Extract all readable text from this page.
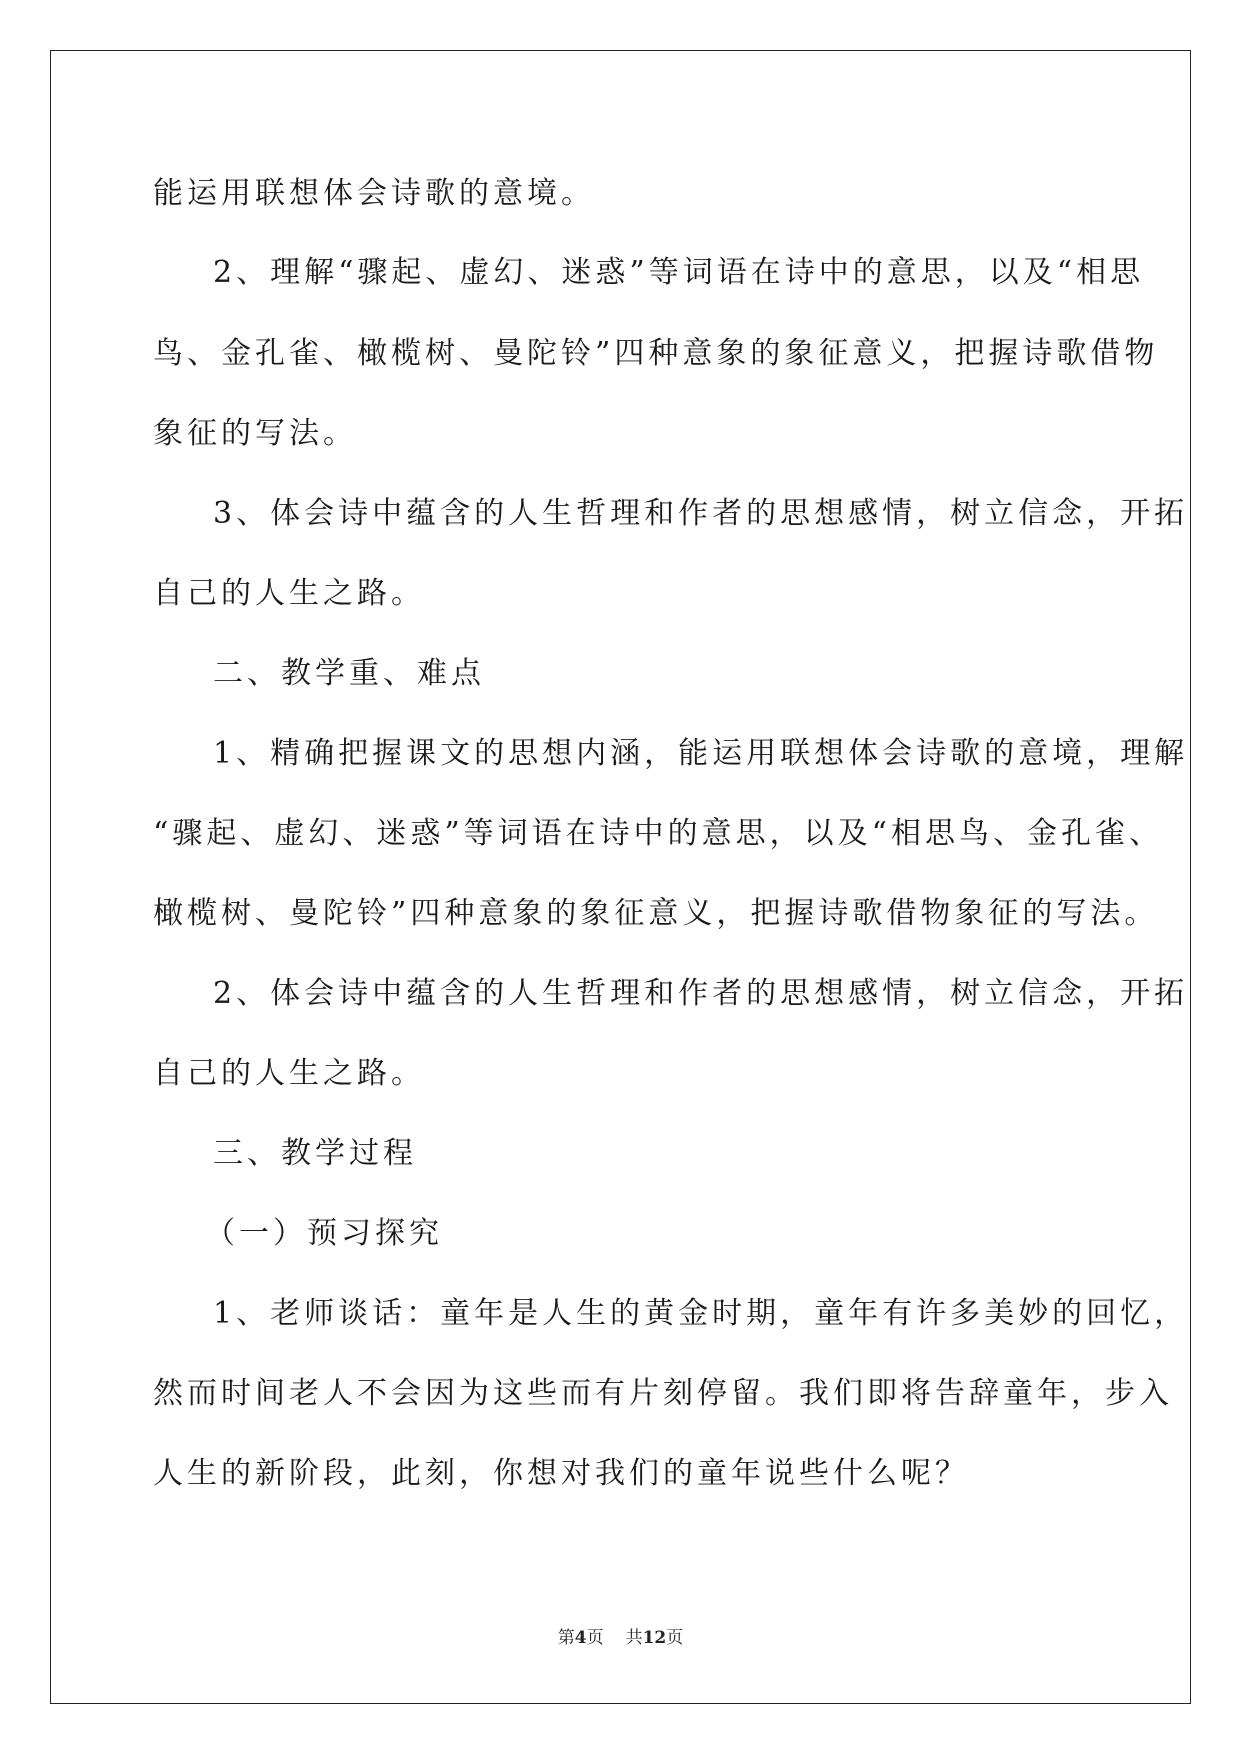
能运用联想体会诗歌的意境。
2、理解“骤起、虚幻、迷惑”等词语在诗中的意思，以及“相思
鸟、金孔雀、橄榄树、曼陀铃”四种意象的象征意义，把握诗歌借物
象征的写法。
3、体会诗中蕴含的人生哲理和作者的思想感情，树立信念，开拓
自己的人生之路。
二、教学重、难点
1、精确把握课文的思想内涵，能运用联想体会诗歌的意境，理解
“骤起、虚幻、迷惑”等词语在诗中的意思，以及“相思鸟、金孔雀、
橄榄树、曼陀铃”四种意象的象征意义，把握诗歌借物象征的写法。
2、体会诗中蕴含的人生哲理和作者的思想感情，树立信念，开拓
自己的人生之路。
三、教学过程
（一）预习探究
1、老师谈话：童年是人生的黄金时期，童年有许多美妙的回忆，
然而时间老人不会因为这些而有片刻停留。我们即将告辞童年，步入
人生的新阶段，此刻，你想对我们的童年说些什么呢？
第4页 共12页
